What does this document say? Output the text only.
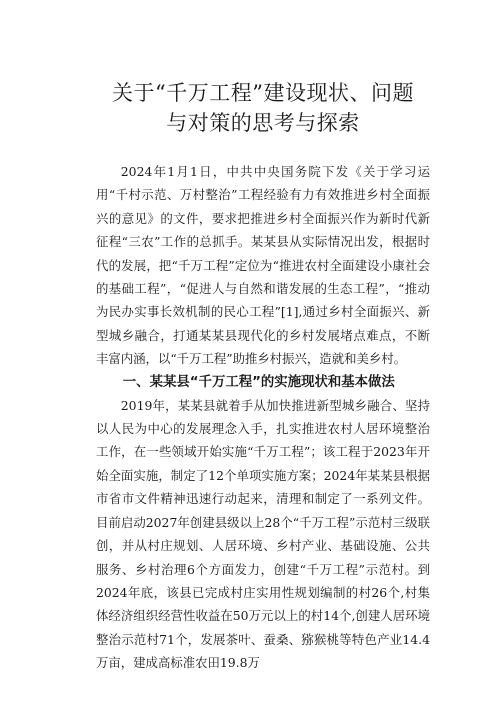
关于“千万工程”建设现状、问题
与对策的思考与探索

2024年1月1日，中共中央国务院下发《关于学习运用“千村示范、万村整治”工程经验有力有效推进乡村全面振兴的意见》的文件，要求把推进乡村全面振兴作为新时代新征程“三农”工作的总抓手。某某县从实际情况出发，根据时代的发展，把“千万工程”定位为“推进农村全面建设小康社会的基础工程”，“促进人与自然和谐发展的生态工程”，“推动为民办实事长效机制的民心工程”[1],通过乡村全面振兴、新型城乡融合，打通某某县现代化的乡村发展堵点难点，不断丰富内涵，以“千万工程”助推乡村振兴，造就和美乡村。

一、某某县“千万工程”的实施现状和基本做法

2019年，某某县就着手从加快推进新型城乡融合、坚持以人民为中心的发展理念入手，扎实推进农村人居环境整治工作，在一些领域开始实施“千万工程”；该工程于2023年开始全面实施，制定了12个单项实施方案；2024年某某县根据市省市文件精神迅速行动起来，清理和制定了一系列文件。目前启动2027年创建县级以上28个“千万工程”示范村三级联创，并从村庄规划、人居环境、乡村产业、基础设施、公共服务、乡村治理6个方面发力，创建“千万工程”示范村。到2024年底，该县已完成村庄实用性规划编制的村26个,村集体经济组织经营性收益在50万元以上的村14个,创建人居环境整治示范村71个，发展茶叶、蚕桑、猕猴桃等特色产业14.4万亩，建成高标准农田19.8万
